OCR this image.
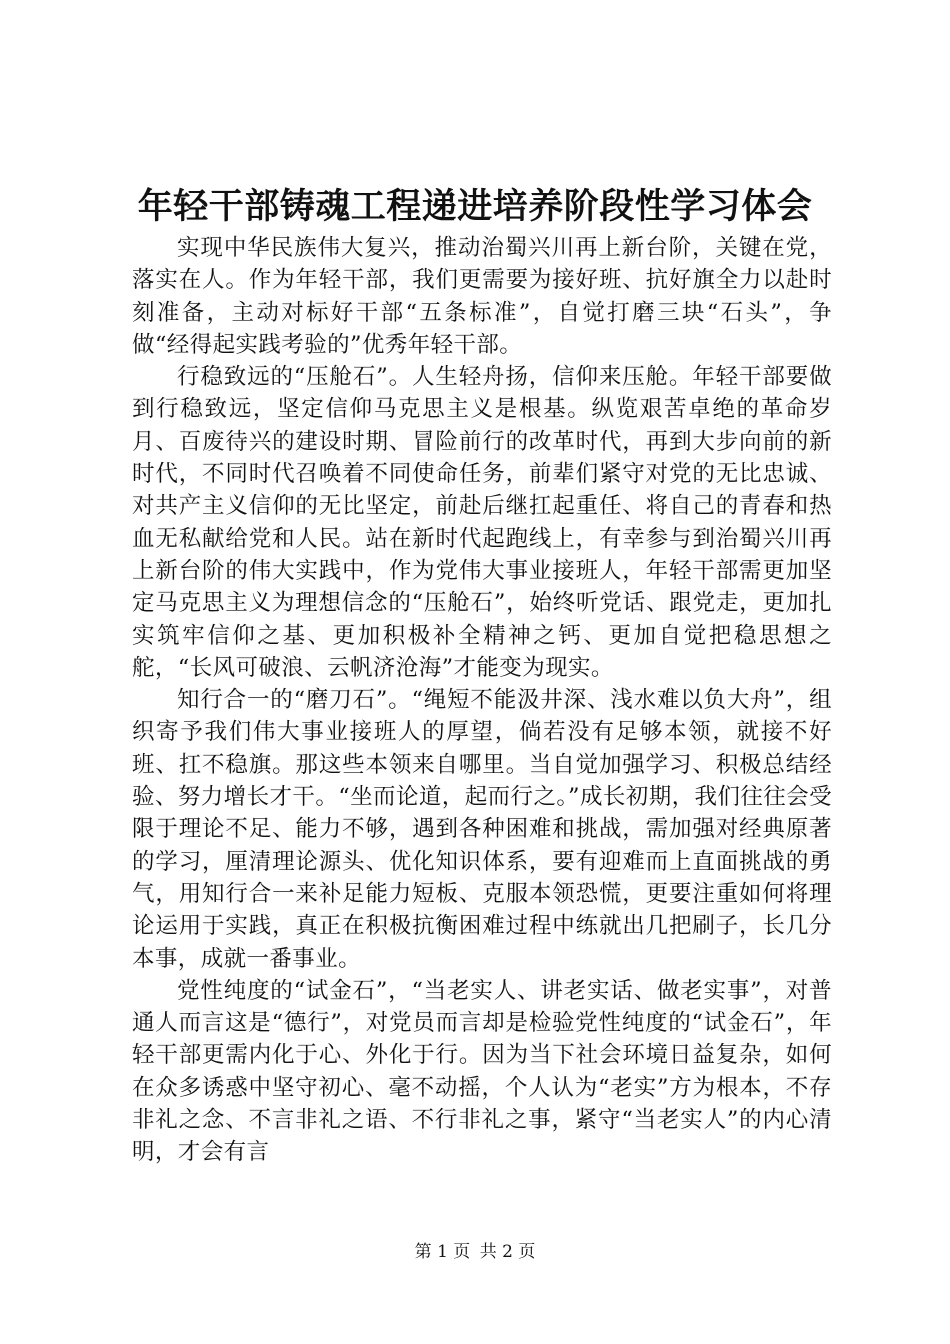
年轻干部铸魂工程递进培养阶段性学习体会

实现中华民族伟大复兴，推动治蜀兴川再上新台阶，关键在党，落实在人。作为年轻干部，我们更需要为接好班、抗好旗全力以赴时刻准备，主动对标好干部“五条标准”，自觉打磨三块“石头”，争做“经得起实践考验的”优秀年轻干部。

行稳致远的“压舱石”。人生轻舟扬，信仰来压舱。年轻干部要做到行稳致远，坚定信仰马克思主义是根基。纵览艰苦卓绝的革命岁月、百废待兴的建设时期、冒险前行的改革时代，再到大步向前的新时代，不同时代召唤着不同使命任务，前辈们紧守对党的无比忠诚、对共产主义信仰的无比坚定，前赴后继扛起重任、将自己的青春和热血无私献给党和人民。站在新时代起跑线上，有幸参与到治蜀兴川再上新台阶的伟大实践中，作为党伟大事业接班人，年轻干部需更加坚定马克思主义为理想信念的“压舱石”，始终听党话、跟党走，更加扎实筑牢信仰之基、更加积极补全精神之钙、更加自觉把稳思想之舵，“长风可破浪、云帆济沧海”才能变为现实。

知行合一的“磨刀石”。“绳短不能汲井深、浅水难以负大舟”，组织寄予我们伟大事业接班人的厚望，倘若没有足够本领，就接不好班、扛不稳旗。那这些本领来自哪里。当自觉加强学习、积极总结经验、努力增长才干。“坐而论道，起而行之。”成长初期，我们往往会受限于理论不足、能力不够，遇到各种困难和挑战，需加强对经典原著的学习，厘清理论源头、优化知识体系，要有迎难而上直面挑战的勇气，用知行合一来补足能力短板、克服本领恐慌，更要注重如何将理论运用于实践，真正在积极抗衡困难过程中练就出几把刷子，长几分本事，成就一番事业。

党性纯度的“试金石”，“当老实人、讲老实话、做老实事”，对普通人而言这是“德行”，对党员而言却是检验党性纯度的“试金石”，年轻干部更需内化于心、外化于行。因为当下社会环境日益复杂，如何在众多诱惑中坚守初心、毫不动摇，个人认为“老实”方为根本，不存非礼之念、不言非礼之语、不行非礼之事，紧守“当老实人”的内心清明，才会有言

第 1 页 共 2 页
